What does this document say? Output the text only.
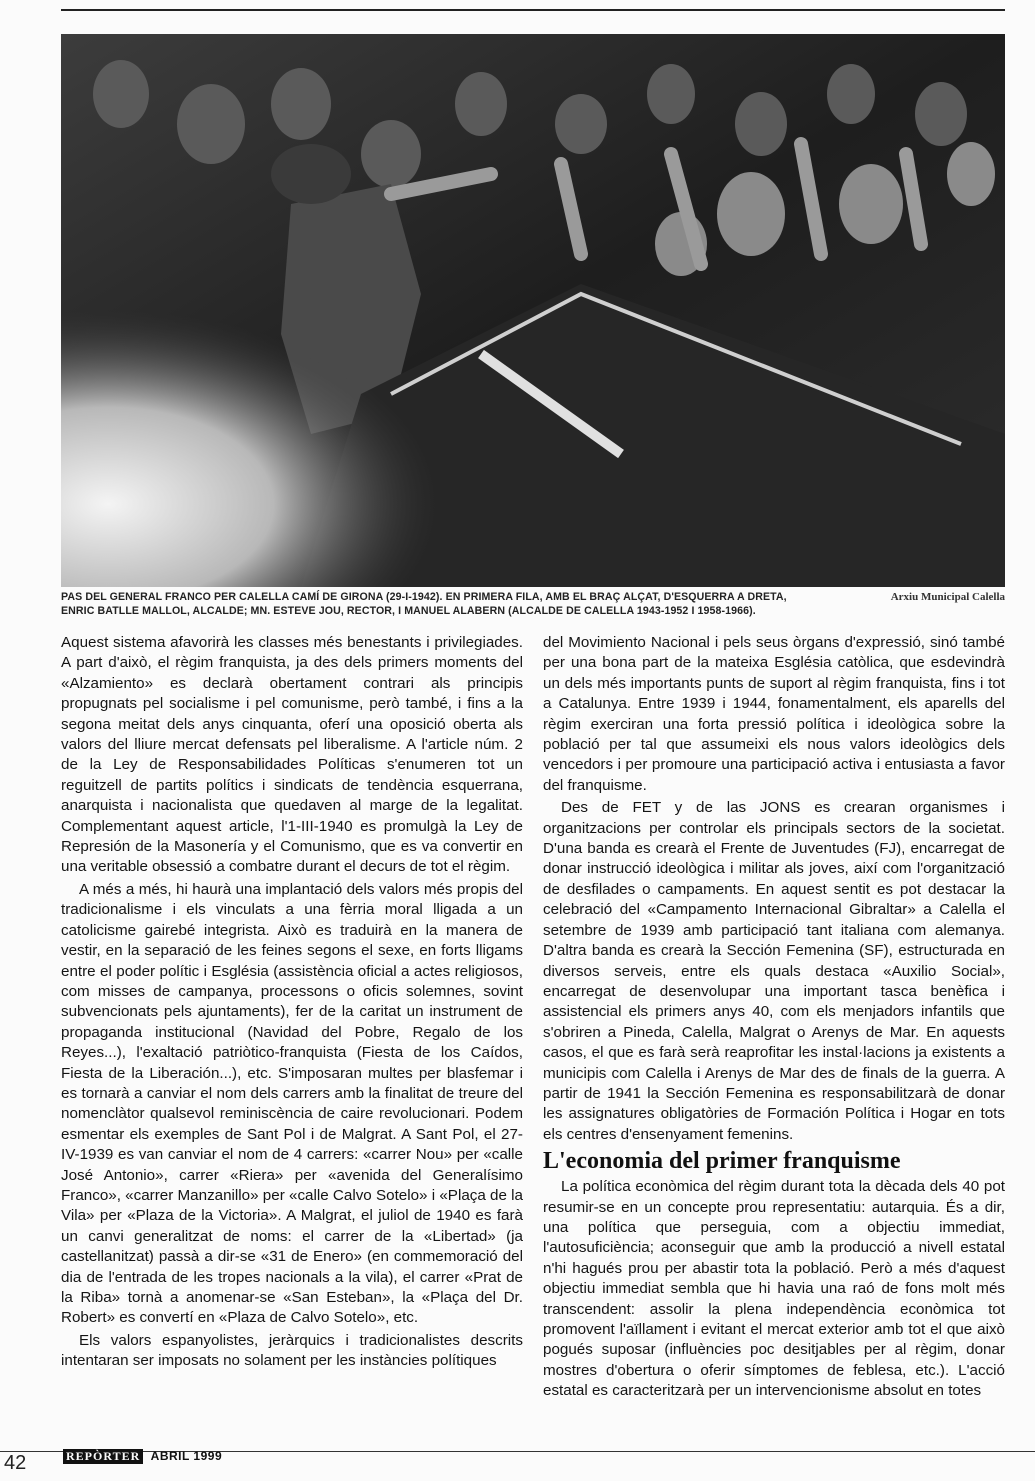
PAS DEL GENERAL FRANCO PER CALELLA CAMÍ DE GIRONA (29-I-1942). EN PRIMERA FILA, AMB EL BRAÇ ALÇAT, D'ESQUERRA A DRETA,
ENRIC BATLLE MALLOL, ALCALDE; MN. ESTEVE JOU, RECTOR, I MANUEL ALABERN (ALCALDE DE CALELLA 1943-1952 I 1958-1966).
Arxiu Municipal Calella

Aquest sistema afavorirà les classes més benestants i privilegiades. A part d'això, el règim franquista, ja des dels primers moments del «Alzamiento» es declarà obertament contrari als principis propugnats pel socialisme i pel comunisme, però també, i fins a la segona meitat dels anys cinquanta, oferí una oposició oberta als valors del lliure mercat defensats pel liberalisme. A l'article núm. 2 de la Ley de Responsabilidades Políticas s'enumeren tot un reguitzell de partits polítics i sindicats de tendència esquerrana, anarquista i nacionalista que quedaven al marge de la legalitat. Complementant aquest article, l'1-III-1940 es promulgà la Ley de Represión de la Masonería y el Comunismo, que es va convertir en una veritable obsessió a combatre durant el decurs de tot el règim.

A més a més, hi haurà una implantació dels valors més propis del tradicionalisme i els vinculats a una fèrria moral lligada a un catolicisme gairebé integrista. Això es traduirà en la manera de vestir, en la separació de les feines segons el sexe, en forts lligams entre el poder polític i Església (assistència oficial a actes religiosos, com misses de campanya, processons o oficis solemnes, sovint subvencionats pels ajuntaments), fer de la caritat un instrument de propaganda institucional (Navidad del Pobre, Regalo de los Reyes...), l'exaltació patriòtico-franquista (Fiesta de los Caídos, Fiesta de la Liberación...), etc. S'imposaran multes per blasfemar i es tornarà a canviar el nom dels carrers amb la finalitat de treure del nomenclàtor qualsevol reminiscència de caire revolucionari. Podem esmentar els exemples de Sant Pol i de Malgrat. A Sant Pol, el 27-IV-1939 es van canviar el nom de 4 carrers: «carrer Nou» per «calle José Antonio», carrer «Riera» per «avenida del Generalísimo Franco», «carrer Manzanillo» per «calle Calvo Sotelo» i «Plaça de la Vila» per «Plaza de la Victoria». A Malgrat, el juliol de 1940 es farà un canvi generalitzat de noms: el carrer de la «Libertad» (ja castellanitzat) passà a dir-se «31 de Enero» (en commemoració del dia de l'entrada de les tropes nacionals a la vila), el carrer «Prat de la Riba» tornà a anomenar-se «San Esteban», la «Plaça del Dr. Robert» es convertí en «Plaza de Calvo Sotelo», etc.

Els valors espanyolistes, jeràrquics i tradicionalistes descrits intentaran ser imposats no solament per les instàncies polítiques

del Movimiento Nacional i pels seus òrgans d'expressió, sinó també per una bona part de la mateixa Església catòlica, que esdevindrà un dels més importants punts de suport al règim franquista, fins i tot a Catalunya. Entre 1939 i 1944, fonamentalment, els aparells del règim exerciran una forta pressió política i ideològica sobre la població per tal que assumeixi els nous valors ideològics dels vencedors i per promoure una participació activa i entusiasta a favor del franquisme.

Des de FET y de las JONS es crearan organismes i organitzacions per controlar els principals sectors de la societat. D'una banda es crearà el Frente de Juventudes (FJ), encarregat de donar instrucció ideològica i militar als joves, així com l'organització de desfilades o campaments. En aquest sentit es pot destacar la celebració del «Campamento Internacional Gibraltar» a Calella el setembre de 1939 amb participació tant italiana com alemanya. D'altra banda es crearà la Sección Femenina (SF), estructurada en diversos serveis, entre els quals destaca «Auxilio Social», encarregat de desenvolupar una important tasca benèfica i assistencial els primers anys 40, com els menjadors infantils que s'obriren a Pineda, Calella, Malgrat o Arenys de Mar. En aquests casos, el que es farà serà reaprofitar les instal·lacions ja existents a municipis com Calella i Arenys de Mar des de finals de la guerra. A partir de 1941 la Sección Femenina es responsabilitzarà de donar les assignatures obligatòries de Formación Política i Hogar en tots els centres d'ensenyament femenins.

L'economia del primer franquisme

La política econòmica del règim durant tota la dècada dels 40 pot resumir-se en un concepte prou representatiu: autarquia. És a dir, una política que perseguia, com a objectiu immediat, l'autosuficiència; aconseguir que amb la producció a nivell estatal n'hi hagués prou per abastir tota la població. Però a més d'aquest objectiu immediat sembla que hi havia una raó de fons molt més transcendent: assolir la plena independència econòmica tot promovent l'aïllament i evitant el mercat exterior amb tot el que això pogués suposar (influències poc desitjables per al règim, donar mostres d'obertura o oferir símptomes de feblesa, etc.). L'acció estatal es caracteritzarà per un intervencionisme absolut en totes

42	REPÒRTER ABRIL 1999
